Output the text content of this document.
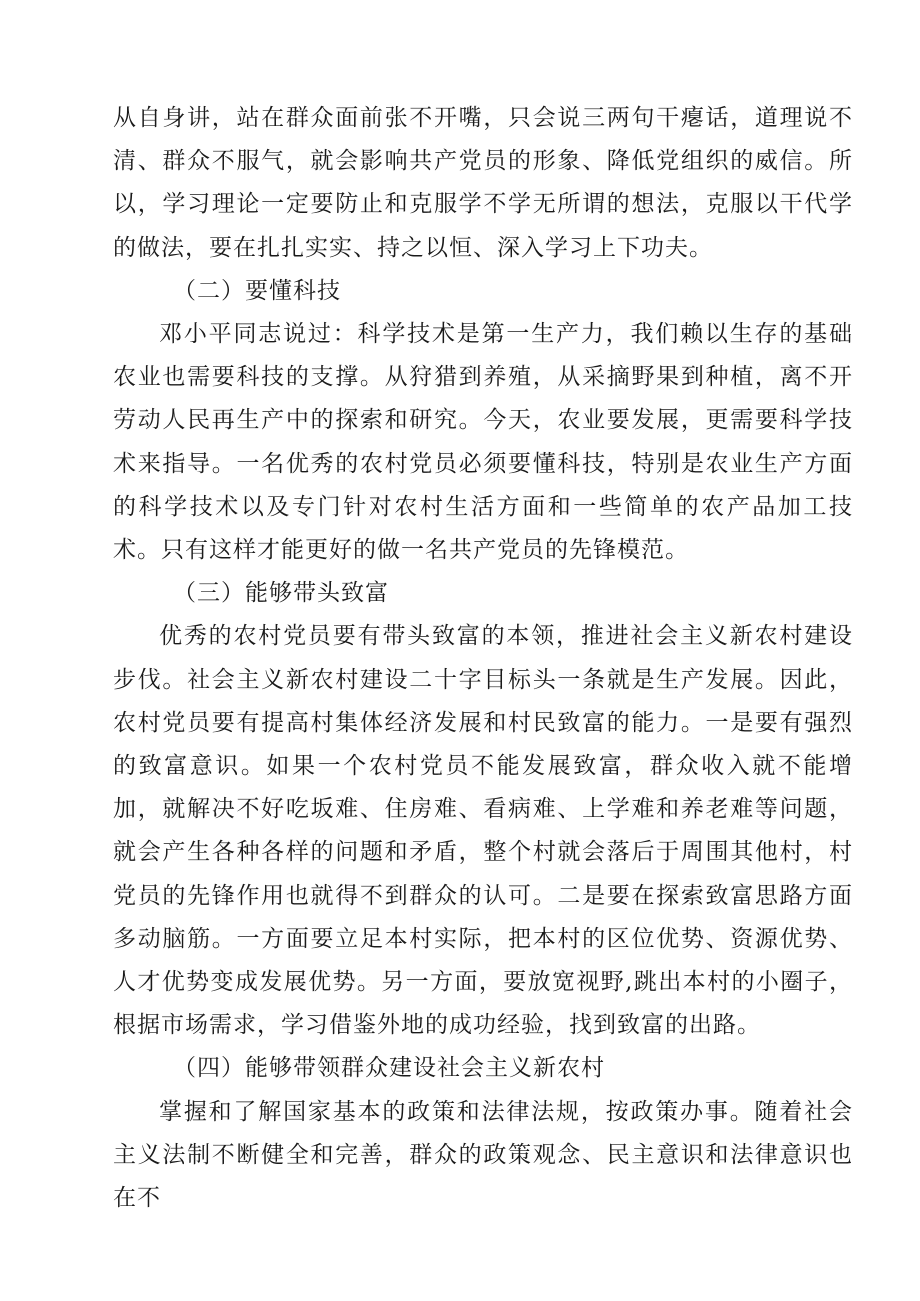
从自身讲，站在群众面前张不开嘴，只会说三两句干瘪话，道理说不清、群众不服气，就会影响共产党员的形象、降低党组织的威信。所以，学习理论一定要防止和克服学不学无所谓的想法，克服以干代学的做法，要在扎扎实实、持之以恒、深入学习上下功夫。

（二）要懂科技

邓小平同志说过：科学技术是第一生产力，我们赖以生存的基础农业也需要科技的支撑。从狩猎到养殖，从采摘野果到种植，离不开劳动人民再生产中的探索和研究。今天，农业要发展，更需要科学技术来指导。一名优秀的农村党员必须要懂科技，特别是农业生产方面的科学技术以及专门针对农村生活方面和一些简单的农产品加工技术。只有这样才能更好的做一名共产党员的先锋模范。

（三）能够带头致富

优秀的农村党员要有带头致富的本领，推进社会主义新农村建设步伐。社会主义新农村建设二十字目标头一条就是生产发展。因此，农村党员要有提高村集体经济发展和村民致富的能力。一是要有强烈的致富意识。如果一个农村党员不能发展致富，群众收入就不能增加，就解决不好吃坂难、住房难、看病难、上学难和养老难等问题，就会产生各种各样的问题和矛盾，整个村就会落后于周围其他村，村党员的先锋作用也就得不到群众的认可。二是要在探索致富思路方面多动脑筋。一方面要立足本村实际，把本村的区位优势、资源优势、人才优势变成发展优势。另一方面，要放宽视野,跳出本村的小圈子，根据市场需求，学习借鉴外地的成功经验，找到致富的出路。

（四）能够带领群众建设社会主义新农村

掌握和了解国家基本的政策和法律法规，按政策办事。随着社会主义法制不断健全和完善，群众的政策观念、民主意识和法律意识也在不
